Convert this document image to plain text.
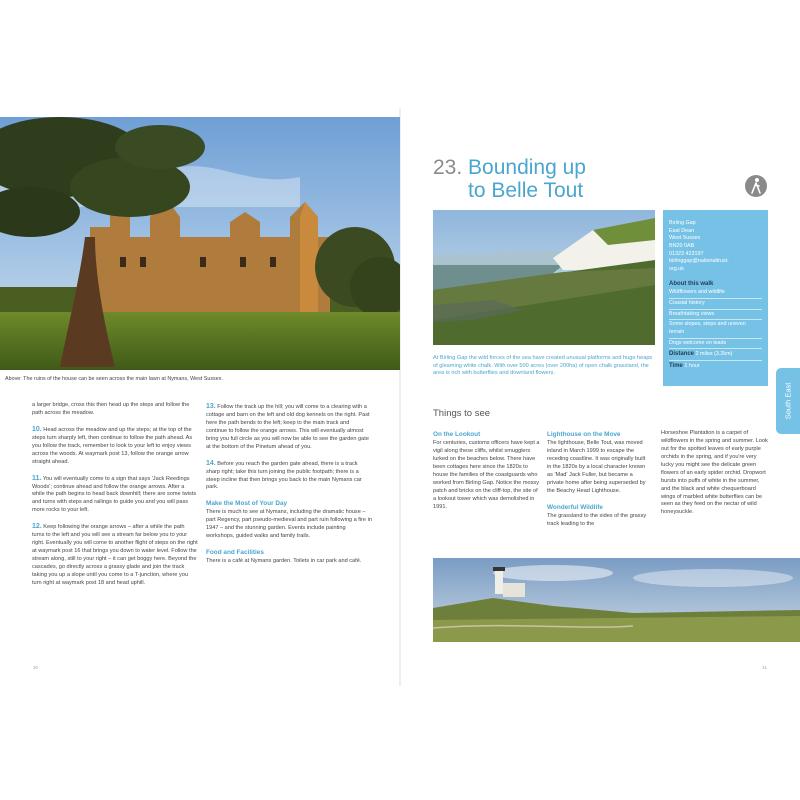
Above: The ruins of the house can be seen across the main lawn at Nymans, West Sussex.

a larger bridge, cross this then head up the steps and follow the path across the meadow.

10. Head across the meadow and up the steps; at the top of the steps turn sharply left, then continue to follow the path ahead. As you follow the track, remember to look to your left to enjoy views across the woods. At waymark post 13, follow the orange arrow straight ahead.

11. You will eventually come to a sign that says 'Jack Reedings Woods'; continue ahead and follow the orange arrows. After a while the path begins to head back downhill; there are some twists and turns with steps and railings to guide you and you will pass more rocks to your left.

12. Keep following the orange arrows – after a while the path turns to the left and you will see a stream far below you to your right. Eventually you will come to another flight of steps on the right at waymark post 16 that brings you down to water level. Follow the stream along, still to your right – it can get boggy here. Beyond the cascades, go directly across a grassy glade and join the track taking you up a slope until you come to a T-junction, where you turn right at waymark post 18 and head uphill.

13. Follow the track up the hill; you will come to a clearing with a cottage and barn on the left and old dog kennels on the right. Past here the path bends to the left; keep to the main track and continue to follow the orange arrows. This will eventually almost bring you full circle as you will now be able to see the garden gate at the bottom of the Pinetum ahead of you.

14. Before you reach the garden gate ahead, there is a track sharp right; take this turn joining the public footpath; there is a steep incline that then brings you back to the main Nymans car park.

Make the Most of Your Day

There is much to see at Nymans, including the dramatic house – part Regency, part pseudo-medieval and part ruin following a fire in 1947 – and the stunning garden. Events include painting workshops, guided walks and family trails.

Food and Facilities

There is a café at Nymans garden. Toilets in car park and café.

30
23. Bounding up
to Belle Tout
At Birling Gap the wild forces of the sea have created unusual platforms and huge heaps of gleaming white chalk. With over 500 acres (over 200ha) of open chalk grassland, the area is rich with butterflies and downland flowers.
Birling Gap
East Dean
West Sussex
BN20 0AB
01323 423197
birlinggap@nationaltrust.
org.uk
About this walk
Wildflowers and wildlife
Coastal history
Breathtaking views
Some slopes, steps and uneven terrain
Dogs welcome on leads
Distance 2 miles (3.2km)
Time 1 hour
South East
Things to see
On the Lookout

For centuries, customs officers have kept a vigil along these cliffs, whilst smugglers lurked on the beaches below. There have been cottages here since the 1820s to house the families of the coastguards who worked from Birling Gap. Notice the mossy patch and bricks on the cliff-top, the site of a lookout tower which was demolished in 1991.

Lighthouse on the Move

The lighthouse, Belle Tout, was moved inland in March 1999 to escape the receding coastline. It was originally built in the 1820s by a local character known as 'Mad' Jack Fuller, but became a private home after being superseded by the Beachy Head Lighthouse.

Wonderful Wildlife

The grassland to the sides of the grassy track leading to the

Horseshoe Plantation is a carpet of wildflowers in the spring and summer. Look out for the spotted leaves of early purple orchids in the spring, and if you're very lucky you might see the delicate green flowers of an early spider orchid. Dropwort bursts into puffs of white in the summer, and the black and white chequerboard wings of marbled white butterflies can be seen as they feed on the nectar of wild honeysuckle.

31
